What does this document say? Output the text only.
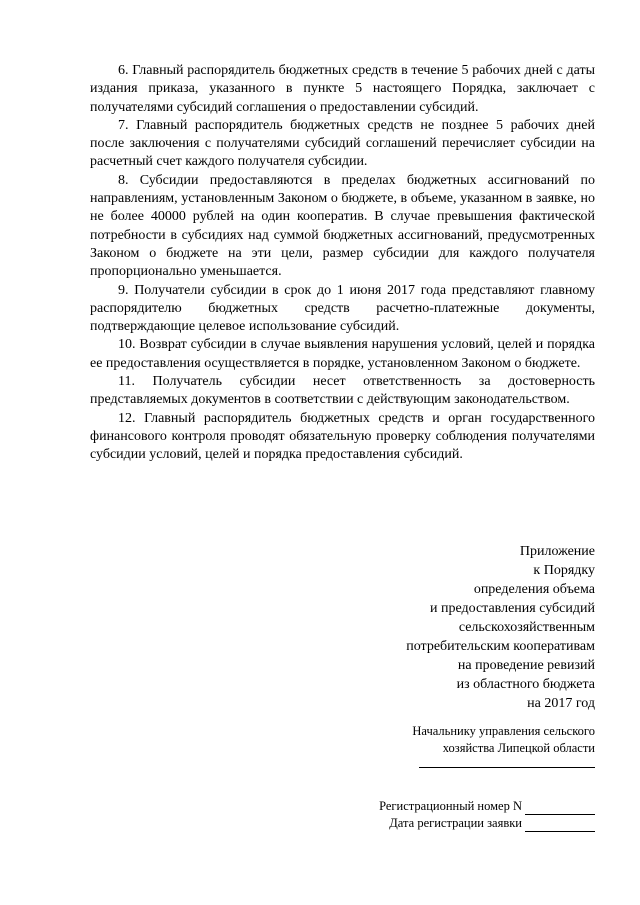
6. Главный распорядитель бюджетных средств в течение 5 рабочих дней с даты издания приказа, указанного в пункте 5 настоящего Порядка, заключает с получателями субсидий соглашения о предоставлении субсидий.

7. Главный распорядитель бюджетных средств не позднее 5 рабочих дней после заключения с получателями субсидий соглашений перечисляет субсидии на расчетный счет каждого получателя субсидии.

8. Субсидии предоставляются в пределах бюджетных ассигнований по направлениям, установленным Законом о бюджете, в объеме, указанном в заявке, но не более 40000 рублей на один кооператив. В случае превышения фактической потребности в субсидиях над суммой бюджетных ассигнований, предусмотренных Законом о бюджете на эти цели, размер субсидии для каждого получателя пропорционально уменьшается.

9. Получатели субсидии в срок до 1 июня 2017 года представляют главному распорядителю бюджетных средств расчетно-платежные документы, подтверждающие целевое использование субсидий.

10. Возврат субсидии в случае выявления нарушения условий, целей и порядка ее предоставления осуществляется в порядке, установленном Законом о бюджете.

11. Получатель субсидии несет ответственность за достоверность представляемых документов в соответствии с действующим законодательством.

12. Главный распорядитель бюджетных средств и орган государственного финансового контроля проводят обязательную проверку соблюдения получателями субсидии условий, целей и порядка предоставления субсидий.

Приложение
к Порядку
определения объема
и предоставления субсидий
сельскохозяйственным
потребительским кооперативам
на проведение ревизий
из областного бюджета
на 2017 год
Начальнику управления сельского
хозяйства Липецкой области
Регистрационный номер N
Дата регистрации заявки
